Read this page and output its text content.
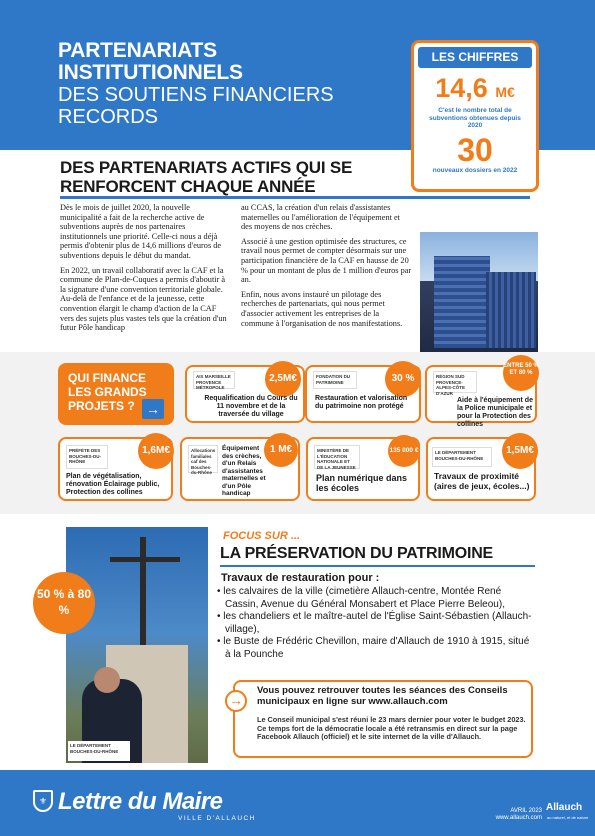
PARTENARIATS
INSTITUTIONNELS
DES SOUTIENS FINANCIERS
RECORDS
LES CHIFFRES
14,6 M€
C'est le nombre total de subventions obtenues depuis 2020
30
nouveaux dossiers en 2022
DES PARTENARIATS ACTIFS QUI SE RENFORCENT CHAQUE ANNÉE

Dès le mois de juillet 2020, la nouvelle municipalité a fait de la recherche active de subventions auprès de nos partenaires institutionnels une priorité. Celle-ci nous a déjà permis d'obtenir plus de 14,6 millions d'euros de subventions depuis le début du mandat.

En 2022, un travail collaboratif avec la CAF et la commune de Plan-de-Cuques a permis d'aboutir à la signature d'une convention territoriale globale. Au-delà de l'enfance et de la jeunesse, cette convention élargit le champ d'action de la CAF vers des sujets plus vastes tels que la création d'un futur Pôle handicap

au CCAS, la création d'un relais d'assistantes maternelles ou l'amélioration de l'équipement et des moyens de nos crèches.

Associé à une gestion optimisée des structures, ce travail nous permet de compter désormais sur une participation financière de la CAF en hausse de 20 % pour un montant de plus de 1 million d'euros par an.

Enfin, nous avons instauré un pilotage des recherches de partenariats, qui nous permet d'associer activement les entreprises de la commune à l'organisation de nos manifestations.

QUI FINANCE LES GRANDS PROJETS ? →
AIX MARSEILLE PROVENCE MÉTROPOLE
2,5M€
Requalification du Cours du 11 novembre et de la traversée du village
FONDATION DU PATRIMOINE	30 %
Restauration et valorisation du patrimoine non protégé
RÉGION SUD PROVENCE-ALPES-CÔTE D'AZUR
ENTRE 50 % ET 80 %
Aide à l'équipement de la Police municipale et pour la Protection des collines
PRÉFÈTE DES BOUCHES-DU-RHÔNE
1,6M€
Plan de végétalisation, rénovation Éclairage public, Protection des collines
Allocations familiales caf des Bouches-du-Rhône
1 M€
Équipement des crèches, d'un Relais d'assistantes maternelles et d'un Pôle handicap
MINISTÈRE DE L'ÉDUCATION NATIONALE ET DE LA JEUNESSE
135 000 €
Plan numérique dans les écoles
LE DÉPARTEMENT BOUCHES-DU-RHÔNE
1,5M€
Travaux de proximité (aires de jeux, écoles...)
LE DÉPARTEMENT BOUCHES-DU-RHÔNE
50 % à 80 %
FOCUS SUR ...
LA PRÉSERVATION DU PATRIMOINE
Travaux de restauration pour :
• les calvaires de la ville (cimetière Allauch-centre, Montée René Cassin, Avenue du Général Monsabert et Place Pierre Beleou),
• les chandeliers et le maître-autel de l'Église Saint-Sébastien (Allauch-village),
• le Buste de Frédéric Chevillon, maire d'Allauch de 1910 à 1915, situé à la Pounche
→
Vous pouvez retrouver toutes les séances des Conseils municipaux en ligne sur www.allauch.com
Le Conseil municipal s'est réuni le 23 mars dernier pour voter le budget 2023. Ce temps fort de la démocratie locale a été retransmis en direct sur la page Facebook Allauch (officiel) et le site internet de la ville d'Allauch.
⚜ Lettre du Maire
VILLE D'ALLAUCH
AVRIL 2023
www.allauch.com
Allauch
au naturel, et de nature
